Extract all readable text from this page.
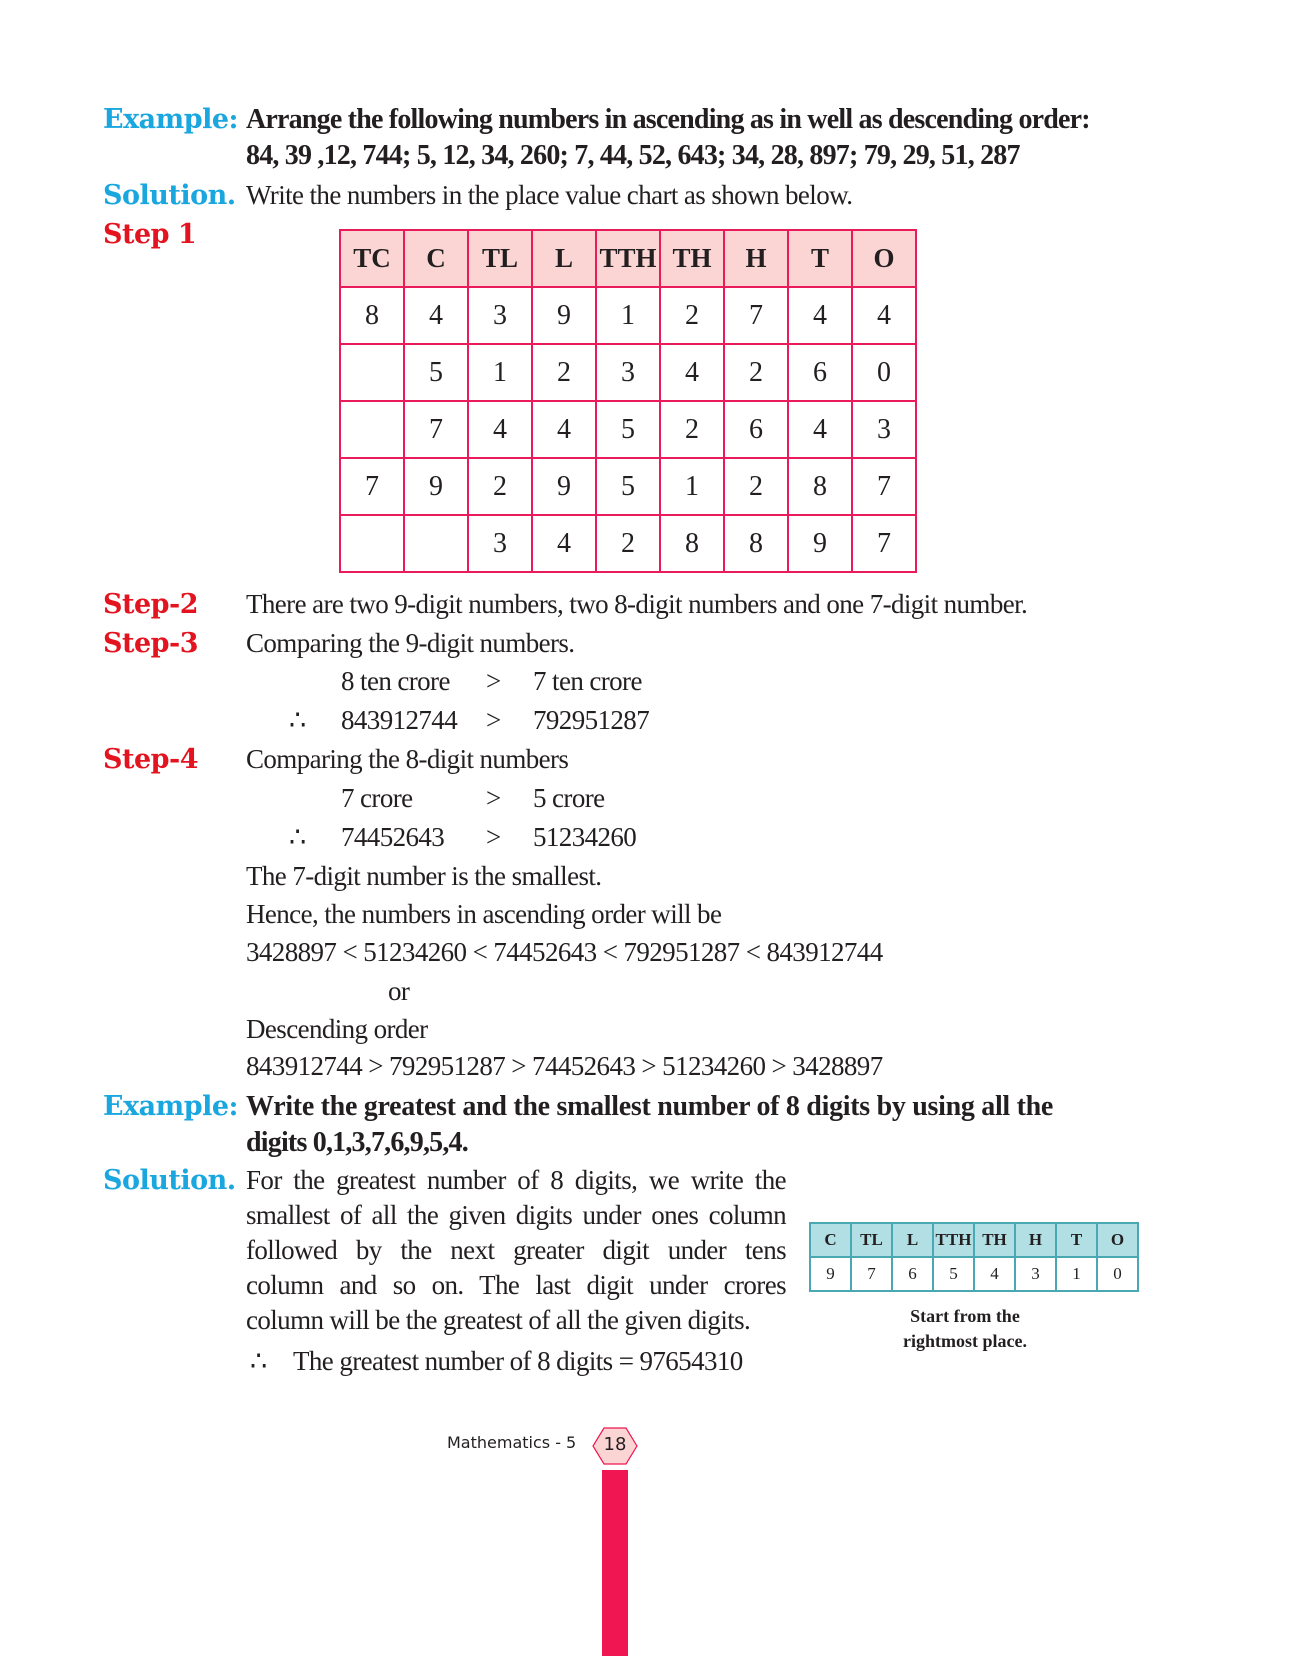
Example: Arrange the following numbers in ascending as in well as descending order:
84, 39 ,12, 744; 5, 12, 34, 260; 7, 44, 52, 643; 34, 28, 897; 79, 29, 51, 287
Solution. Write the numbers in the place value chart as shown below.
Step 1
TC	C	TL	L	TTH	TH	H	T	O
8	4	3	9	1	2	7	4	4
	5	1	2	3	4	2	6	0
	7	4	4	5	2	6	4	3
7	9	2	9	5	1	2	8	7
		3	4	2	8	8	9	7
Step-2 There are two 9-digit numbers, two 8-digit numbers and one 7-digit number.
Step-3 Comparing the 9-digit numbers.
8 ten crore > 7 ten crore
∴ 843912744 > 792951287
Step-4 Comparing the 8-digit numbers
7 crore	> 5 crore
∴ 74452643 > 51234260
The 7-digit number is the smallest.
Hence, the numbers in ascending order will be
3428897 < 51234260 < 74452643 < 792951287 < 843912744
or
Descending order
843912744 > 792951287 > 74452643 > 51234260 > 3428897
Example: Write the greatest and the smallest number of 8 digits by using all the
digits 0,1,3,7,6,9,5,4.
Solution. For the greatest number of 8 digits, we write the
smallest of all the given digits under ones column
followed by the next greater digit under tens
column and so on. The last digit under crores
column will be the greatest of all the given digits.
∴ The greatest number of 8 digits = 97654310
C	TL	L	TTH	TH	H	T	O
9	7	6	5	4	3	1	0
Start from the
rightmost place.
Mathematics - 5	18
